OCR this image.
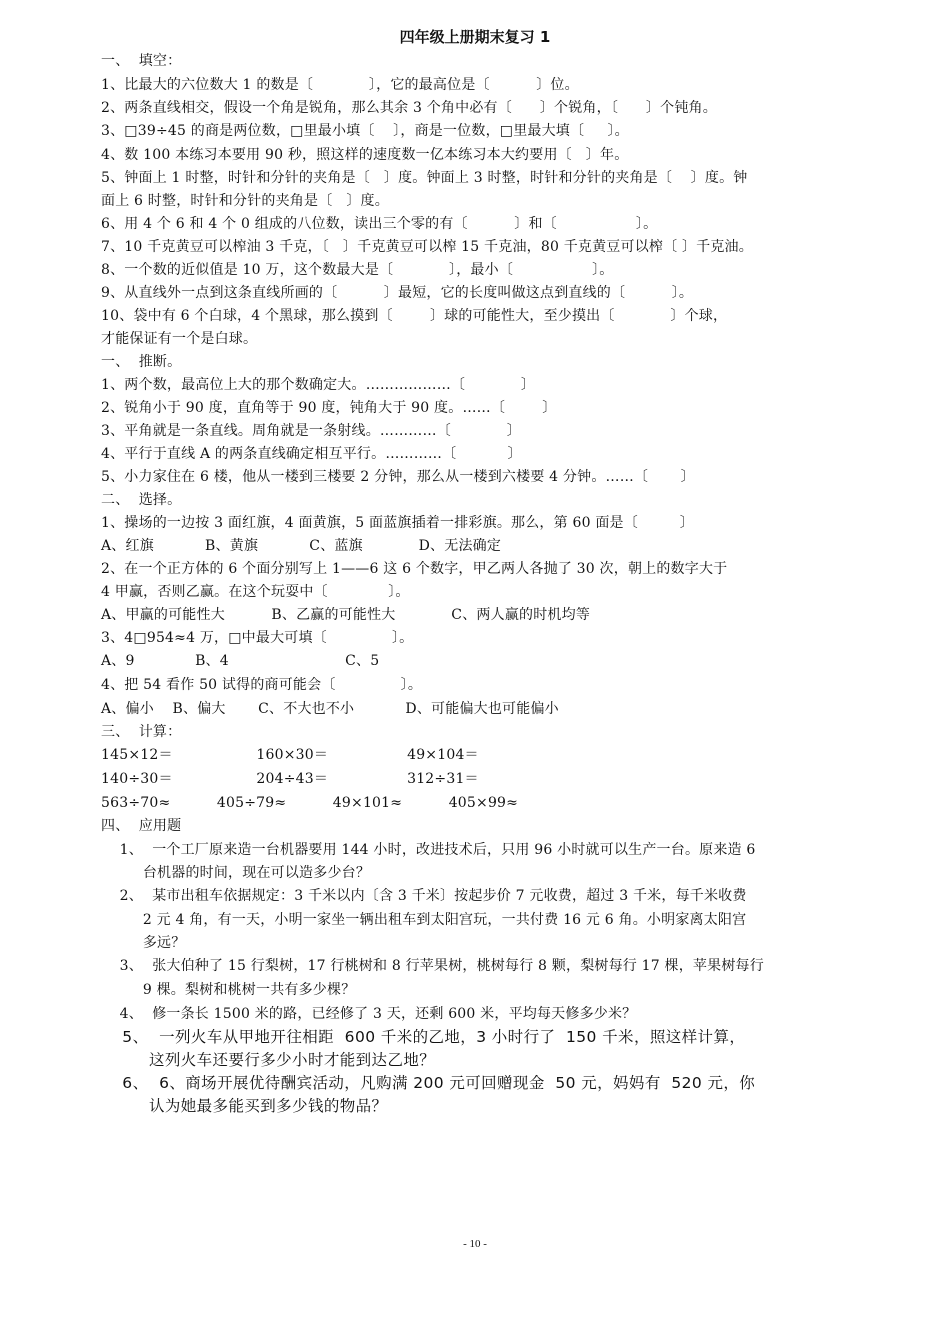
四年级上册期末复习 1
一、  填空：
1、比最大的六位数大 1 的数是〔            〕，它的最高位是〔          〕位。
2、两条直线相交，假设一个角是锐角，那么其余 3 个角中必有〔      〕个锐角，〔      〕个钝角。
3、□39÷45 的商是两位数，□里最小填〔    〕，商是一位数，□里最大填〔     〕。
4、数 100 本练习本要用 90 秒，照这样的速度数一亿本练习本大约要用〔   〕年。
5、钟面上 1 时整，时针和分针的夹角是〔   〕度。钟面上 3 时整，时针和分针的夹角是〔    〕度。钟
面上 6 时整，时针和分针的夹角是〔   〕度。
6、用 4 个 6 和 4 个 0 组成的八位数，读出三个零的有〔          〕和〔                 〕。
7、10 千克黄豆可以榨油 3 千克，〔   〕千克黄豆可以榨 15 千克油，80 千克黄豆可以榨〔 〕千克油。
8、一个数的近似值是 10 万，这个数最大是〔            〕，最小〔                 〕。
9、从直线外一点到这条直线所画的〔          〕最短，它的长度叫做这点到直线的〔          〕。
10、袋中有 6 个白球，4 个黑球，那么摸到〔        〕球的可能性大，至少摸出〔            〕个球，
才能保证有一个是白球。
一、  推断。
1、两个数，最高位上大的那个数确定大。………………〔            〕
2、锐角小于 90 度，直角等于 90 度，钝角大于 90 度。……〔        〕
3、平角就是一条直线。周角就是一条射线。…………〔            〕
4、平行于直线 A 的两条直线确定相互平行。…………〔           〕
5、小力家住在 6 楼，他从一楼到三楼要 2 分钟，那么从一楼到六楼要 4 分钟。……〔       〕
二、  选择。
1、操场的一边按 3 面红旗，4 面黄旗，5 面蓝旗插着一排彩旗。那么，第 60 面是〔         〕
A、红旗           B、黄旗           C、蓝旗            D、无法确定
2、在一个正方体的 6 个面分别写上 1——6 这 6 个数字，甲乙两人各抛了 30 次，朝上的数字大于
4 甲赢，否则乙赢。在这个玩耍中〔             〕。
A、甲赢的可能性大          B、乙赢的可能性大            C、两人赢的时机均等
3、4□954≈4 万，□中最大可填〔              〕。
A、9             B、4                         C、5
4、把 54 看作 50 试得的商可能会〔              〕。
A、偏小    B、偏大       C、不大也不小           D、可能偏大也可能偏小
三、  计算：
145×12＝                  160×30＝                 49×104＝
140÷30＝                  204÷43＝                 312÷31＝
563÷70≈          405÷79≈          49×101≈          405×99≈
四、  应用题
1、  一个工厂原来造一台机器要用 144 小时，改进技术后，只用 96 小时就可以生产一台。原来造 6
台机器的时间，现在可以造多少台？
2、  某市出租车依据规定：3 千米以内〔含 3 千米〕按起步价 7 元收费，超过 3 千米，每千米收费
2 元 4 角，有一天，小明一家坐一辆出租车到太阳宫玩，一共付费 16 元 6 角。小明家离太阳宫
多远？
3、  张大伯种了 15 行梨树，17 行桃树和 8 行苹果树，桃树每行 8 颗，梨树每行 17 棵，苹果树每行
9 棵。梨树和桃树一共有多少棵？
4、  修一条长 1500 米的路，已经修了 3 天，还剩 600 米，平均每天修多少米？
5、  一列火车从甲地开往相距  600 千米的乙地，3 小时行了  150 千米，照这样计算，
这列火车还要行多少小时才能到达乙地？
6、  6、商场开展优待酬宾活动，凡购满 200 元可回赠现金  50 元，妈妈有  520 元，你
认为她最多能买到多少钱的物品？
- 10 -
